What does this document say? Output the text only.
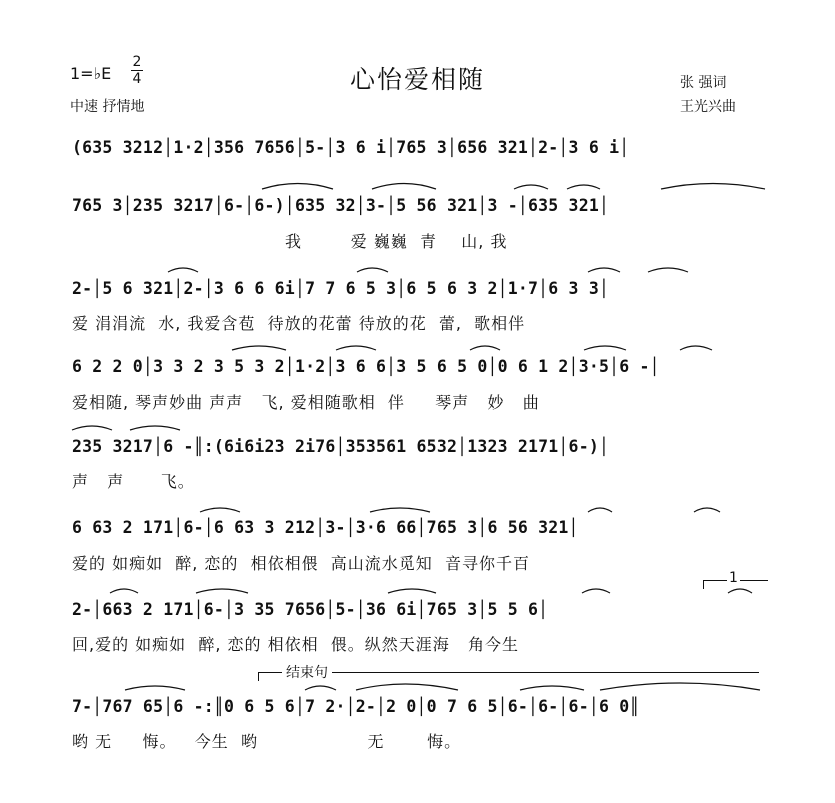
心怡爱相随
1=♭E
2
4
中速 抒情地
张 强词
王光兴曲
(635 3212│1·2│356 7656│5-│3 6 i│765 3│656 321│2-│3 6 i│
765 3│235 3217│6-│6-)│635 32│3-│5 56 321│3 -│635 321│
我        爱 巍巍  青    山, 我
2-│5 6 321│2-│3 6 6 6i│7 7 6 5 3│6 5 6 3 2│1·7│6 3 3│
爱 涓涓流  水, 我爱含苞  待放的花蕾 待放的花  蕾,  歌相伴
6 2 2 0│3 3 2 3 5 3 2│1·2│3 6 6│3 5 6 5 0│0 6 1 2│3·5│6 -│
爱相随, 琴声妙曲 声声   飞, 爱相随歌相  伴     琴声   妙   曲
235 3217│6 -║:(6i6i23 2i76│353561 6532│1323 2171│6-)│
声   声      飞。
6 63 2 171│6-│6 63 3 212│3-│3·6 66│765 3│6 56 321│
爱的 如痴如  醉, 恋的  相依相偎  高山流水觅知  音寻你千百
1
2-│663 2 171│6-│3 35 7656│5-│36 6i│765 3│5 5 6│
回,爱的 如痴如  醉, 恋的 相依相  偎。纵然天涯海   角今生
结束句
7-│767 65│6 -:║0 6 5 6│7 2·│2-│2 0│0 7 6 5│6-│6-│6-│6 0║
哟 无     悔。   今生  哟                  无       悔。
